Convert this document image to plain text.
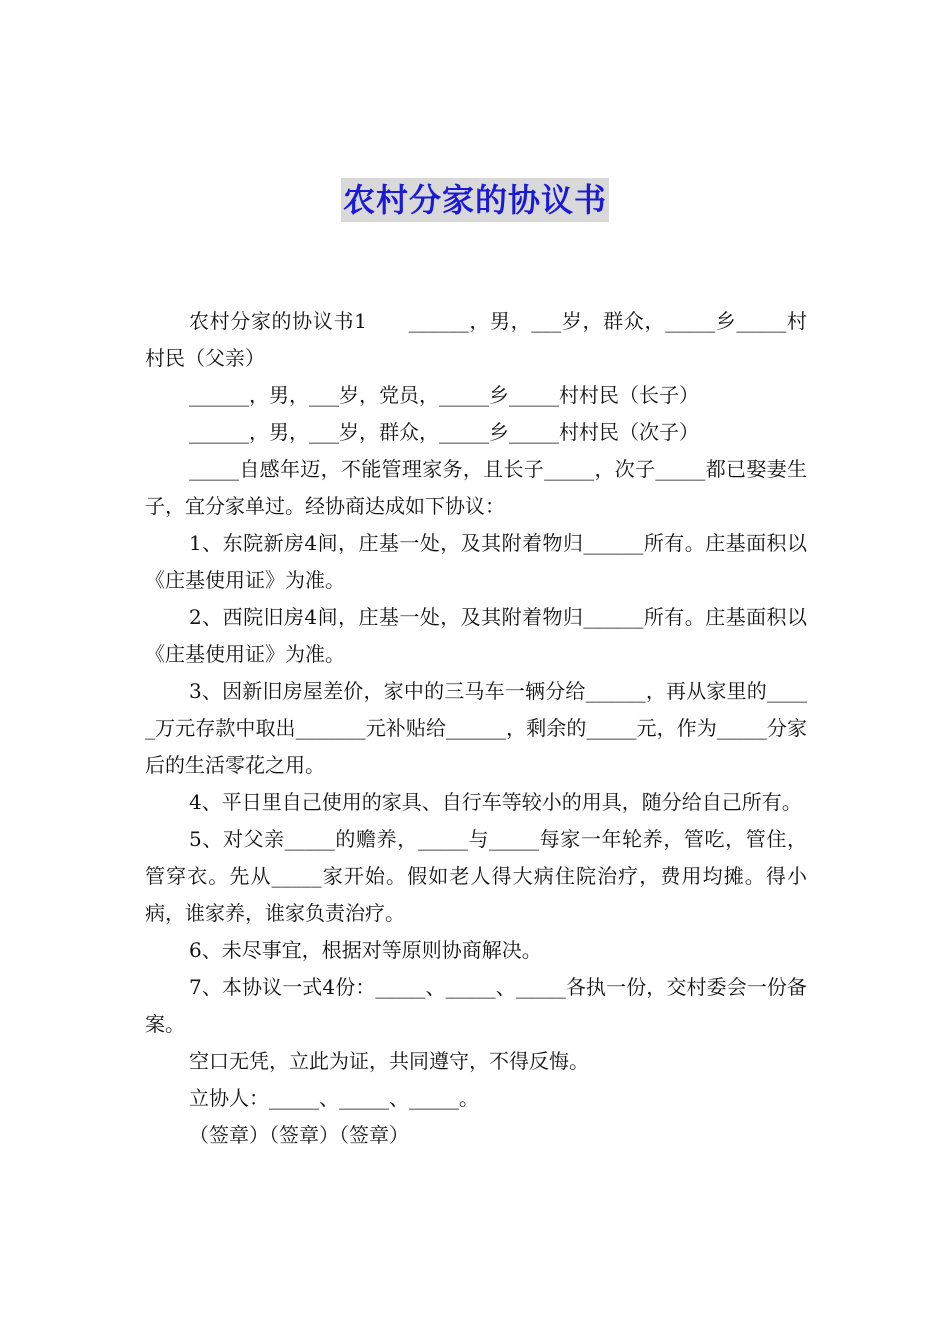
农村分家的协议书

农村分家的协议书1　　______，男，___岁，群众，_____乡_____村村民（父亲）

______，男，___岁，党员，_____乡_____村村民（长子）

______，男，___岁，群众，_____乡_____村村民（次子）

_____自感年迈，不能管理家务，且长子_____，次子_____都已娶妻生子，宜分家单过。经协商达成如下协议：

1、东院新房4间，庄基一处，及其附着物归______所有。庄基面积以《庄基使用证》为准。

2、西院旧房4间，庄基一处，及其附着物归______所有。庄基面积以《庄基使用证》为准。

3、因新旧房屋差价，家中的三马车一辆分给______，再从家里的_____万元存款中取出_______元补贴给______，剩余的_____元，作为_____分家后的生活零花之用。

4、平日里自己使用的家具、自行车等较小的用具，随分给自己所有。

5、对父亲_____的赡养，_____与_____每家一年轮养，管吃，管住，管穿衣。先从_____家开始。假如老人得大病住院治疗，费用均摊。得小病，谁家养，谁家负责治疗。

6、未尽事宜，根据对等原则协商解决。

7、本协议一式4份：_____、_____、_____各执一份，交村委会一份备案。

空口无凭，立此为证，共同遵守，不得反悔。

立协人：_____、_____、_____。

（签章）（签章）（签章）
